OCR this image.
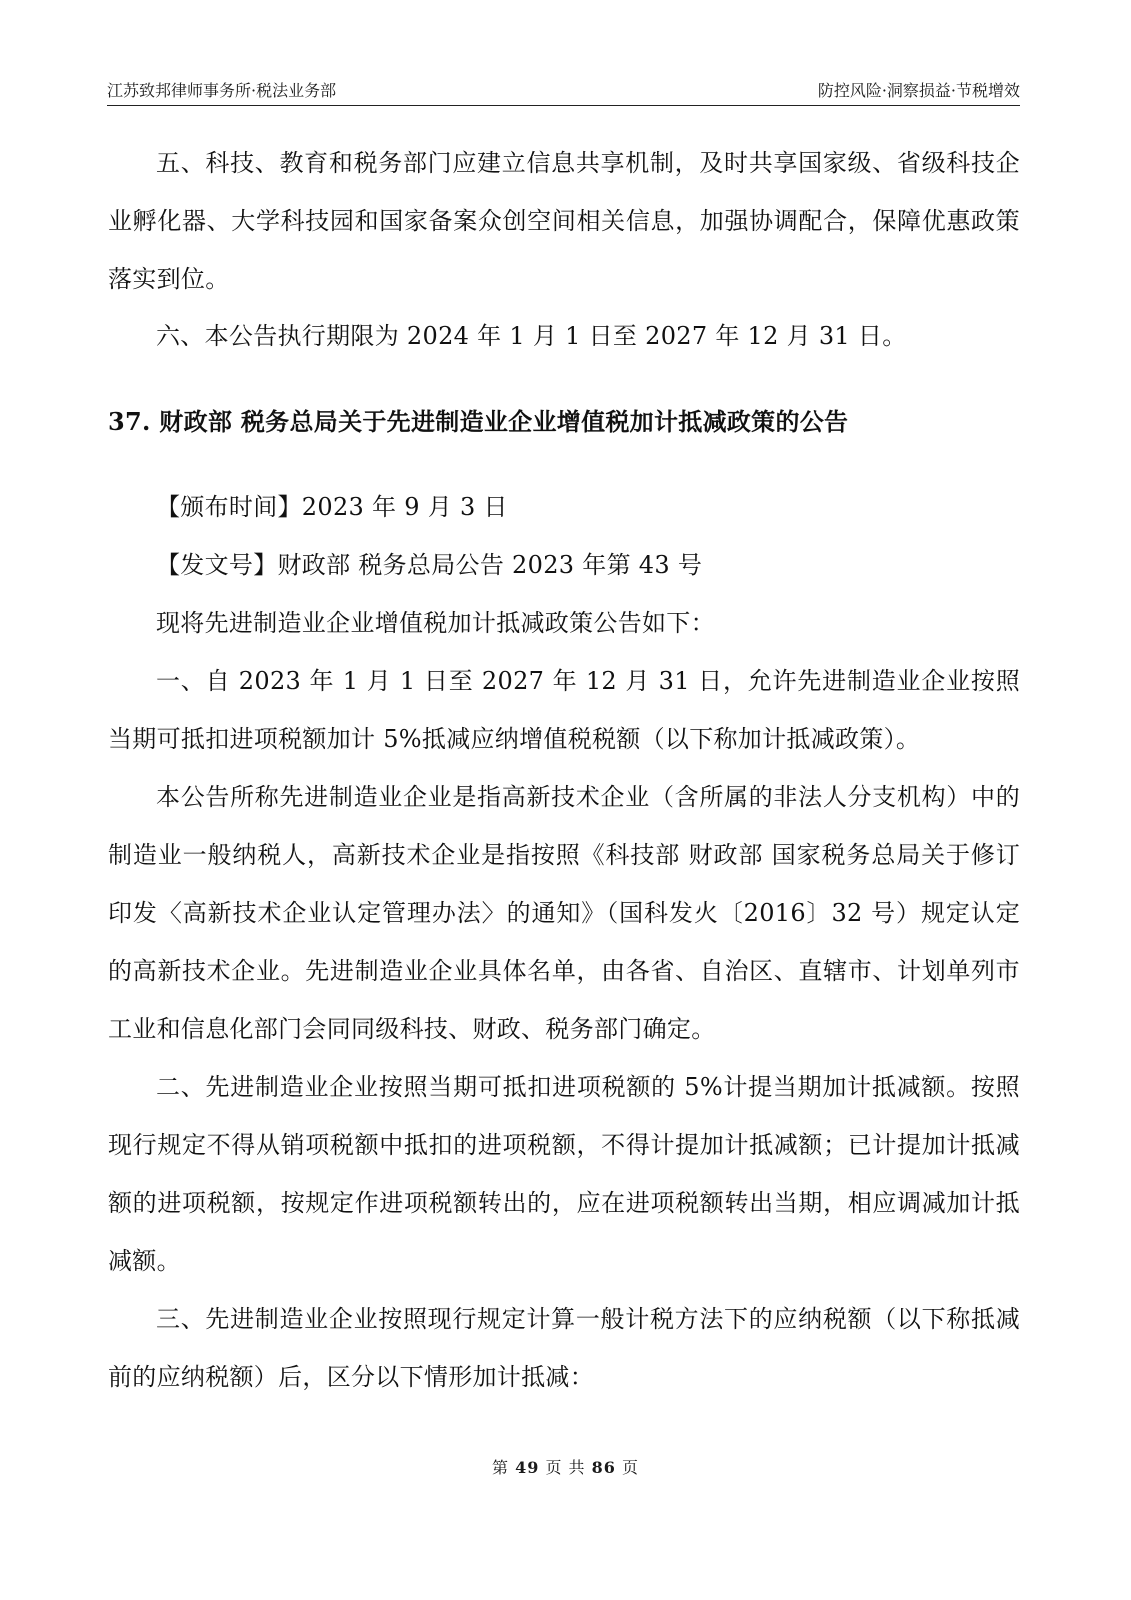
江苏致邦律师事务所·税法业务部	防控风险·洞察损益·节税增效

五、科技、教育和税务部门应建立信息共享机制，及时共享国家级、省级科技企业孵化器、大学科技园和国家备案众创空间相关信息，加强协调配合，保障优惠政策落实到位。

六、本公告执行期限为 2024 年 1 月 1 日至 2027 年 12 月 31 日。

37. 财政部 税务总局关于先进制造业企业增值税加计抵减政策的公告

【颁布时间】2023 年 9 月 3 日

【发文号】财政部 税务总局公告 2023 年第 43 号

现将先进制造业企业增值税加计抵减政策公告如下：

一、自 2023 年 1 月 1 日至 2027 年 12 月 31 日，允许先进制造业企业按照当期可抵扣进项税额加计 5%抵减应纳增值税税额（以下称加计抵减政策）。

本公告所称先进制造业企业是指高新技术企业（含所属的非法人分支机构）中的制造业一般纳税人，高新技术企业是指按照《科技部 财政部 国家税务总局关于修订印发〈高新技术企业认定管理办法〉的通知》（国科发火〔2016〕32 号）规定认定的高新技术企业。先进制造业企业具体名单，由各省、自治区、直辖市、计划单列市工业和信息化部门会同同级科技、财政、税务部门确定。

二、先进制造业企业按照当期可抵扣进项税额的 5%计提当期加计抵减额。按照现行规定不得从销项税额中抵扣的进项税额，不得计提加计抵减额；已计提加计抵减额的进项税额，按规定作进项税额转出的，应在进项税额转出当期，相应调减加计抵减额。

三、先进制造业企业按照现行规定计算一般计税方法下的应纳税额（以下称抵减前的应纳税额）后，区分以下情形加计抵减：

第 49 页 共 86 页
